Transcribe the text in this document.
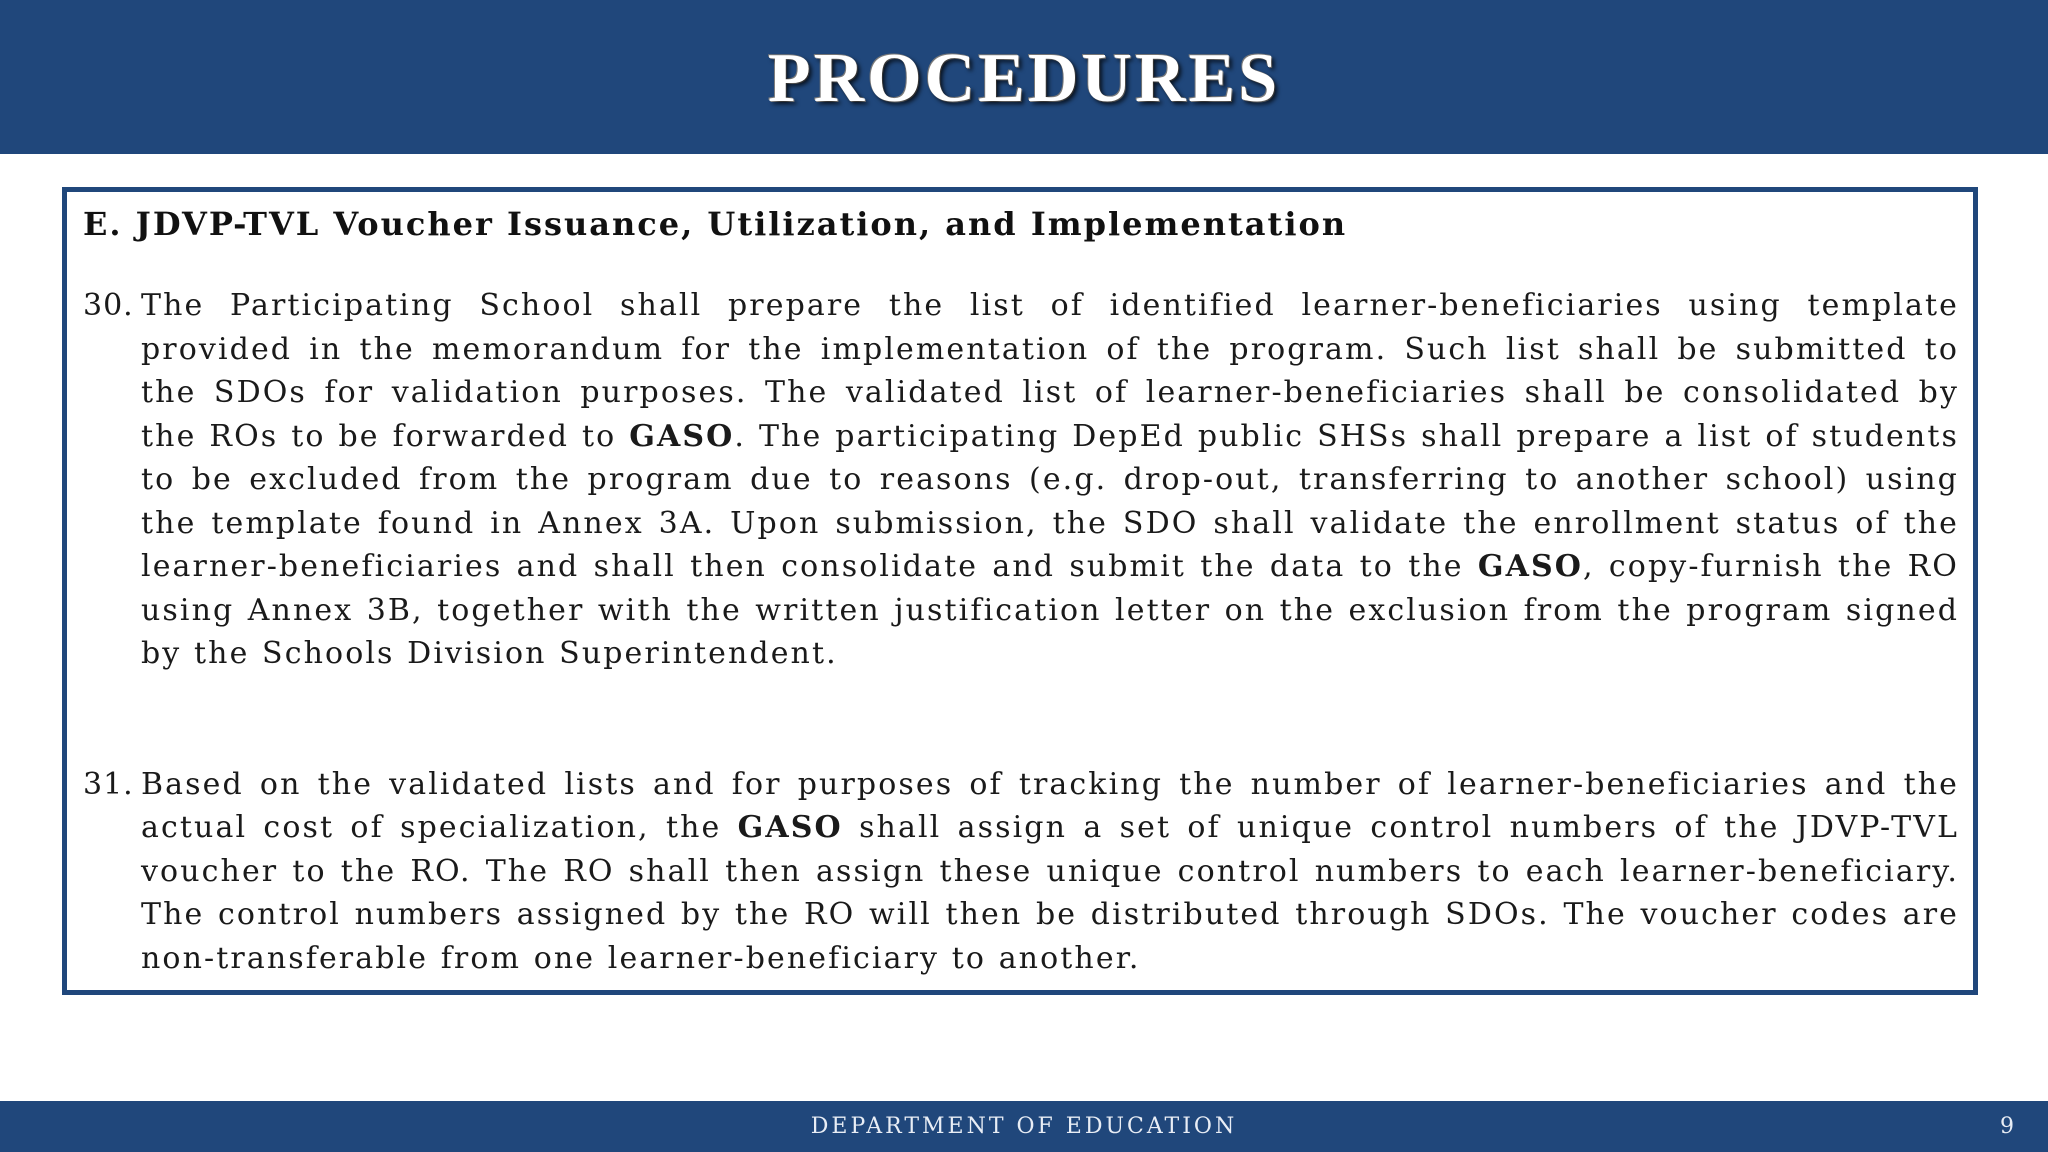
PROCEDURES
E. JDVP-TVL Voucher Issuance, Utilization, and Implementation
30. The Participating School shall prepare the list of identified learner-beneficiaries using template provided in the memorandum for the implementation of the program. Such list shall be submitted to the SDOs for validation purposes. The validated list of learner-beneficiaries shall be consolidated by the ROs to be forwarded to GASO. The participating DepEd public SHSs shall prepare a list of students to be excluded from the program due to reasons (e.g. drop-out, transferring to another school) using the template found in Annex 3A. Upon submission, the SDO shall validate the enrollment status of the learner-beneficiaries and shall then consolidate and submit the data to the GASO, copy-furnish the RO using Annex 3B, together with the written justification letter on the exclusion from the program signed by the Schools Division Superintendent.
31. Based on the validated lists and for purposes of tracking the number of learner-beneficiaries and the actual cost of specialization, the GASO shall assign a set of unique control numbers of the JDVP-TVL voucher to the RO. The RO shall then assign these unique control numbers to each learner-beneficiary. The control numbers assigned by the RO will then be distributed through SDOs. The voucher codes are non-transferable from one learner-beneficiary to another.
DEPARTMENT OF EDUCATION	9
